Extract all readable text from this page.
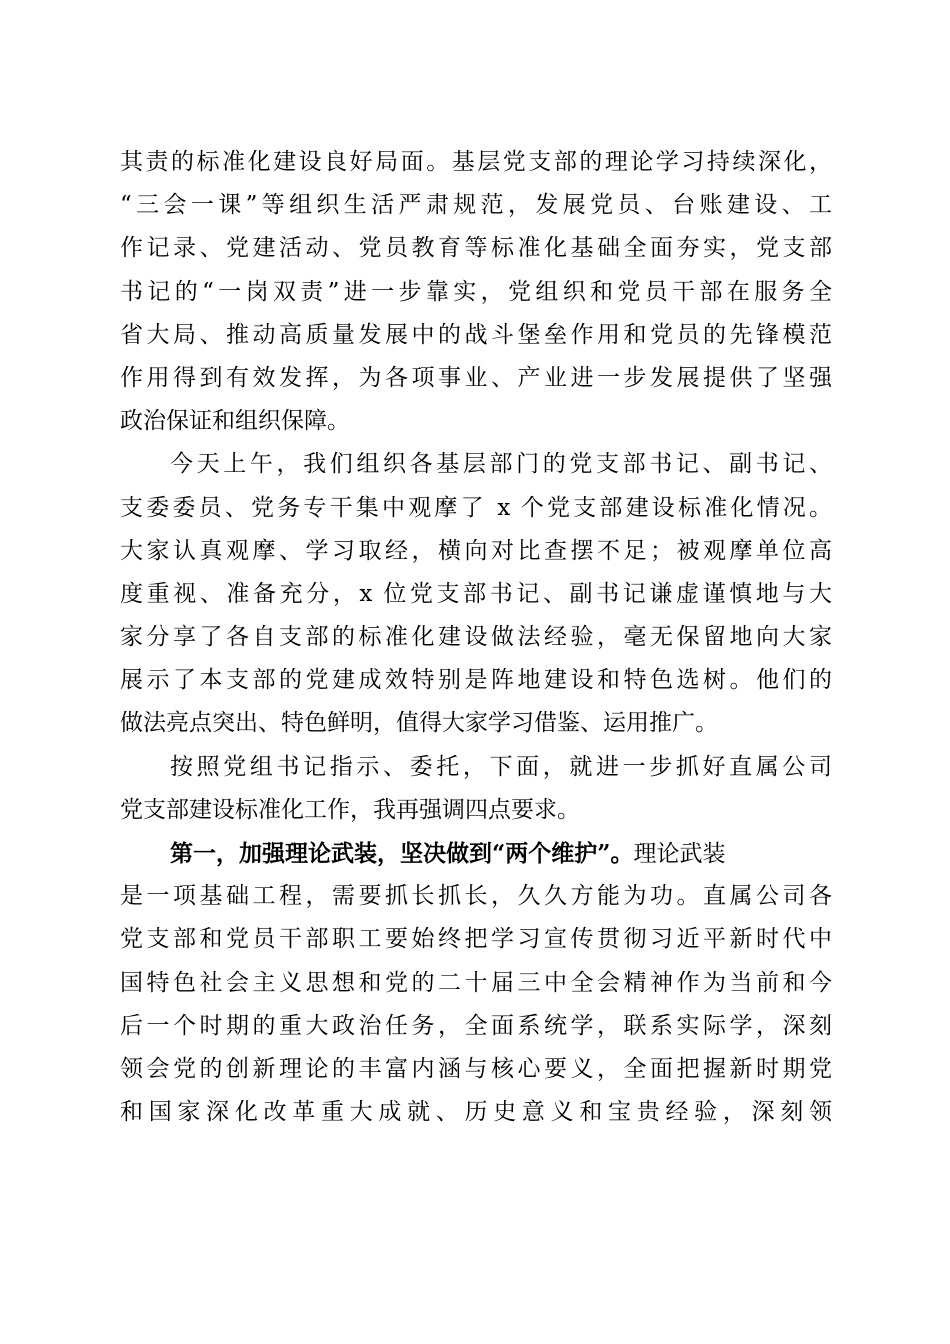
其责的标准化建设良好局面。基层党支部的理论学习持续深化，
“三会一课”等组织生活严肃规范，发展党员、台账建设、工
作记录、党建活动、党员教育等标准化基础全面夯实，党支部
书记的“一岗双责”进一步靠实，党组织和党员干部在服务全
省大局、推动高质量发展中的战斗堡垒作用和党员的先锋模范
作用得到有效发挥，为各项事业、产业进一步发展提供了坚强
政治保证和组织保障。
今天上午，我们组织各基层部门的党支部书记、副书记、
支委委员、党务专干集中观摩了 x 个党支部建设标准化情况。
大家认真观摩、学习取经，横向对比查摆不足；被观摩单位高
度重视、准备充分，x 位党支部书记、副书记谦虚谨慎地与大
家分享了各自支部的标准化建设做法经验，毫无保留地向大家
展示了本支部的党建成效特别是阵地建设和特色选树。他们的
做法亮点突出、特色鲜明，值得大家学习借鉴、运用推广。
按照党组书记指示、委托，下面，就进一步抓好直属公司
党支部建设标准化工作，我再强调四点要求。
第一，加强理论武装，坚决做到“两个维护”。理论武装
是一项基础工程，需要抓长抓长，久久方能为功。直属公司各
党支部和党员干部职工要始终把学习宣传贯彻习近平新时代中
国特色社会主义思想和党的二十届三中全会精神作为当前和今
后一个时期的重大政治任务，全面系统学，联系实际学，深刻
领会党的创新理论的丰富内涵与核心要义，全面把握新时期党
和国家深化改革重大成就、历史意义和宝贵经验，深刻领
